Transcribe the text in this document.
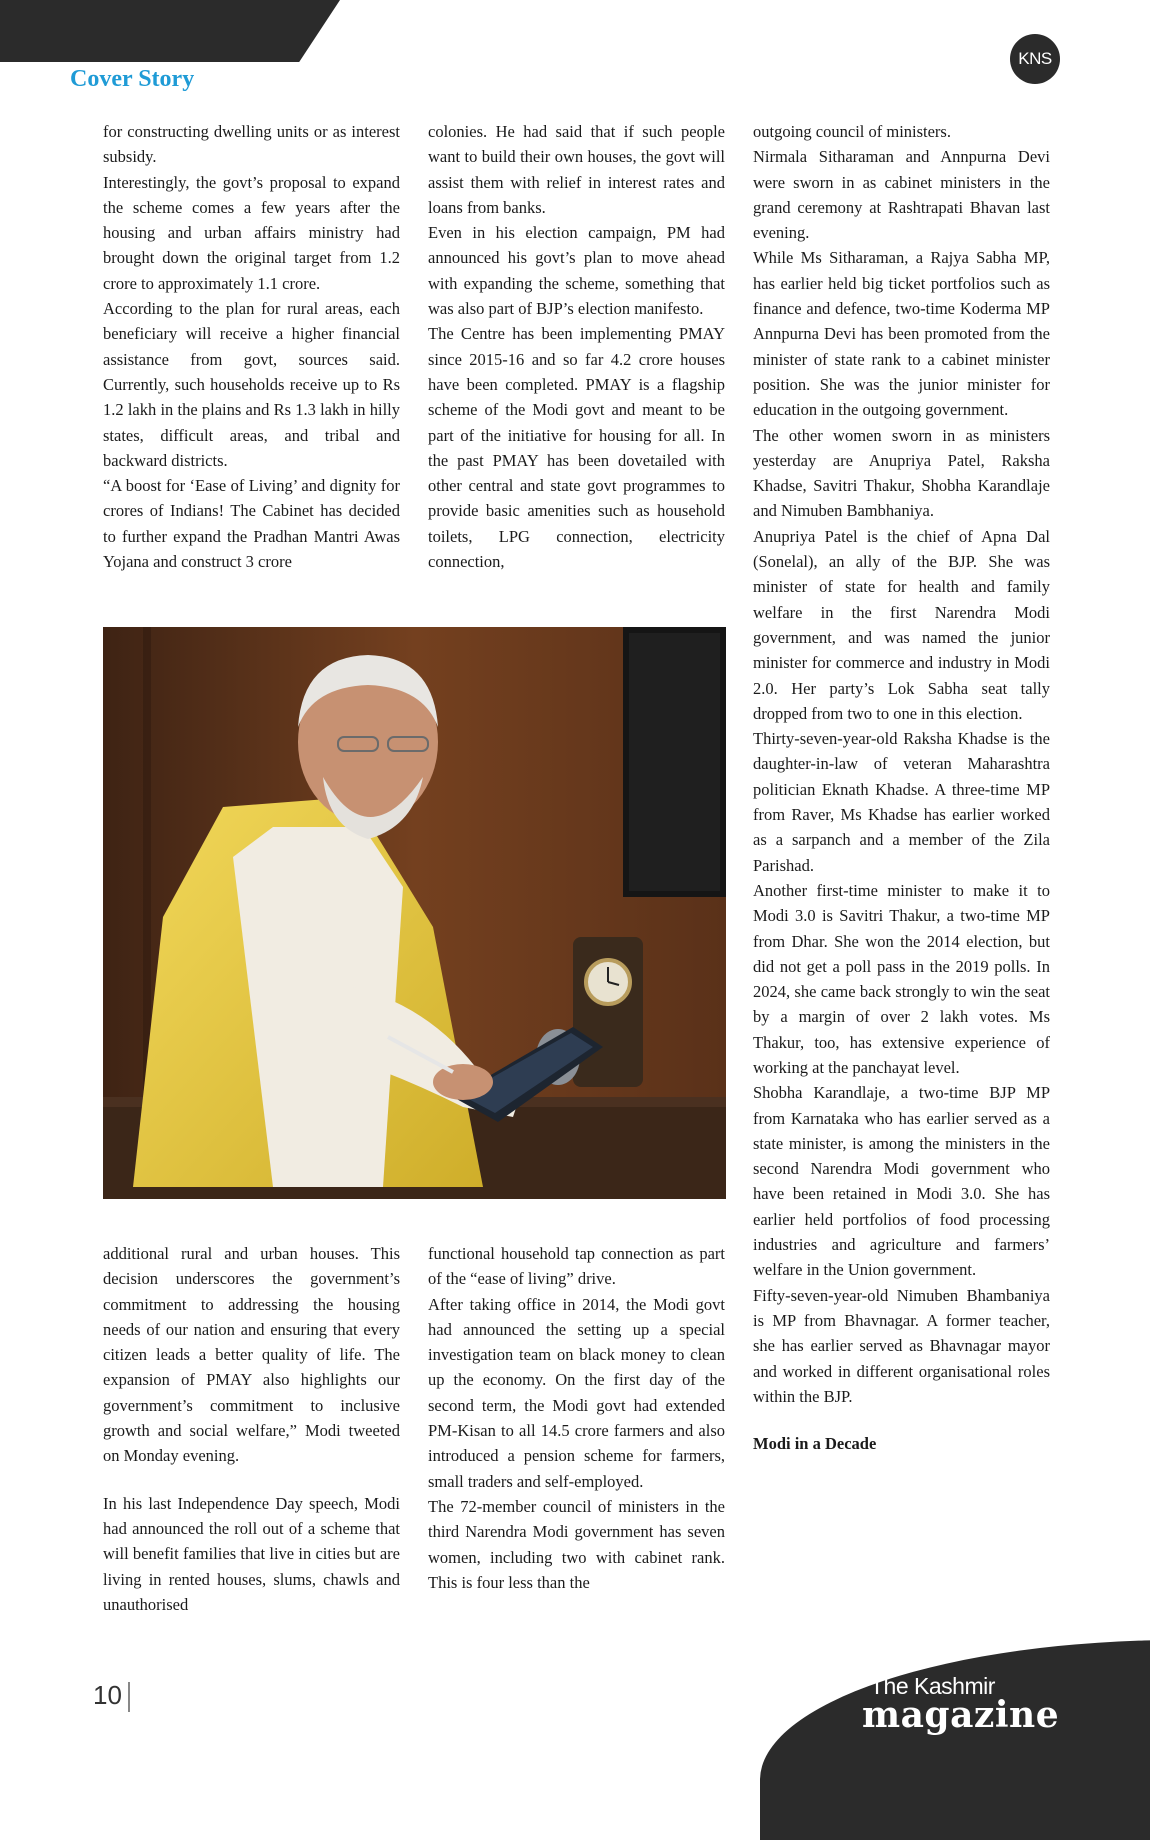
Cover Story
KNS

for constructing dwelling units or as interest subsidy.

Interestingly, the govt’s proposal to expand the scheme comes a few years after the housing and urban affairs ministry had brought down the original target from 1.2 crore to approximately 1.1 crore.

According to the plan for rural areas, each beneficiary will receive a higher financial assistance from govt, sources said. Currently, such households receive up to Rs 1.2 lakh in the plains and Rs 1.3 lakh in hilly states, difficult areas, and tribal and backward districts.

“A boost for ‘Ease of Living’ and dignity for crores of Indians! The Cabinet has decided to further expand the Pradhan Mantri Awas Yojana and construct 3 crore

colonies. He had said that if such people want to build their own houses, the govt will assist them with relief in interest rates and loans from banks.

Even in his election campaign, PM had announced his govt’s plan to move ahead with expanding the scheme, something that was also part of BJP’s election manifesto.

The Centre has been implementing PMAY since 2015-16 and so far 4.2 crore houses have been completed. PMAY is a flagship scheme of the Modi govt and meant to be part of the initiative for housing for all. In the past PMAY has been dovetailed with other central and state govt programmes to provide basic amenities such as household toilets, LPG connection, electricity connection,

additional rural and urban houses. This decision underscores the government’s commitment to addressing the housing needs of our nation and ensuring that every citizen leads a better quality of life. The expansion of PMAY also highlights our government’s commitment to inclusive growth and social welfare,” Modi tweeted on Monday evening.

In his last Independence Day speech, Modi had announced the roll out of a scheme that will benefit families that live in cities but are living in rented houses, slums, chawls and unauthorised

functional household tap connection as part of the “ease of living” drive.

After taking office in 2014, the Modi govt had announced the setting up a special investigation team on black money to clean up the economy. On the first day of the second term, the Modi govt had extended PM-Kisan to all 14.5 crore farmers and also introduced a pension scheme for farmers, small traders and self-employed.

The 72-member council of ministers in the third Narendra Modi government has seven women, including two with cabinet rank. This is four less than the

outgoing council of ministers.

Nirmala Sitharaman and Annpurna Devi were sworn in as cabinet ministers in the grand ceremony at Rashtrapati Bhavan last evening.

While Ms Sitharaman, a Rajya Sabha MP, has earlier held big ticket portfolios such as finance and defence, two-time Koderma MP Annpurna Devi has been promoted from the minister of state rank to a cabinet minister position. She was the junior minister for education in the outgoing government.

The other women sworn in as ministers yesterday are Anupriya Patel, Raksha Khadse, Savitri Thakur, Shobha Karandlaje and Nimuben Bambhaniya.

Anupriya Patel is the chief of Apna Dal (Sonelal), an ally of the BJP. She was minister of state for health and family welfare in the first Narendra Modi government, and was named the junior minister for commerce and industry in Modi 2.0. Her party’s Lok Sabha seat tally dropped from two to one in this election.

Thirty-seven-year-old Raksha Khadse is the daughter-in-law of veteran Maharashtra politician Eknath Khadse. A three-time MP from Raver, Ms Khadse has earlier worked as a sarpanch and a member of the Zila Parishad.

Another first-time minister to make it to Modi 3.0 is Savitri Thakur, a two-time MP from Dhar. She won the 2014 election, but did not get a poll pass in the 2019 polls. In 2024, she came back strongly to win the seat by a margin of over 2 lakh votes. Ms Thakur, too, has extensive experience of working at the panchayat level.

Shobha Karandlaje, a two-time BJP MP from Karnataka who has earlier served as a state minister, is among the ministers in the second Narendra Modi government who have been retained in Modi 3.0. She has earlier held portfolios of food processing industries and agriculture and farmers’ welfare in the Union government.

Fifty-seven-year-old Nimuben Bhambaniya is MP from Bhavnagar. A former teacher, she has earlier served as Bhavnagar mayor and worked in different organisational roles within the BJP.

Modi in a Decade

10	The Kashmir

magazine
